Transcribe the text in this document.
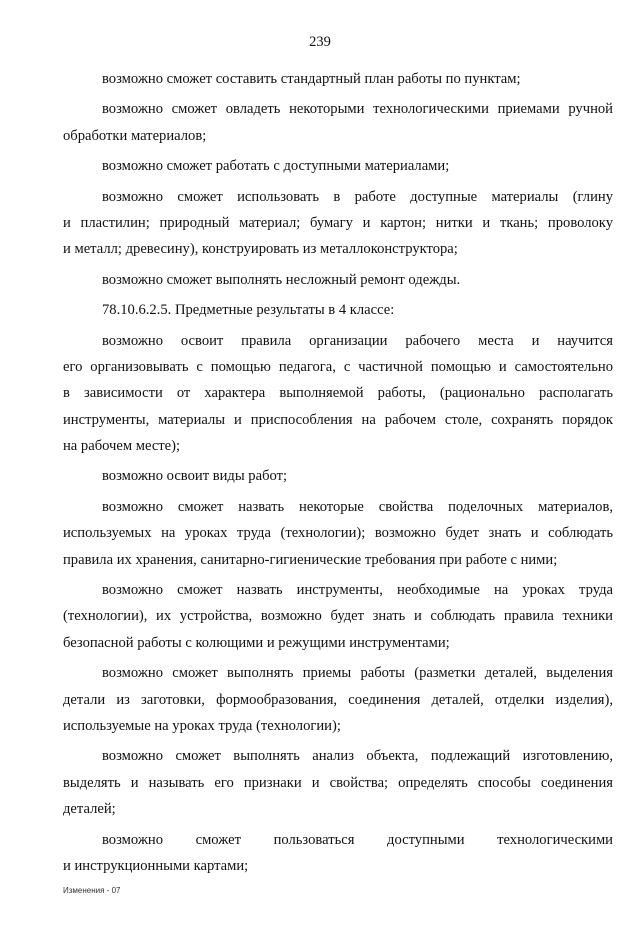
239
возможно сможет составить стандартный план работы по пунктам;
возможно сможет овладеть некоторыми технологическими приемами ручной
обработки материалов;
возможно сможет работать с доступными материалами;
возможно сможет использовать в работе доступные материалы (глину
и пластилин; природный материал; бумагу и картон; нитки и ткань; проволоку
и металл; древесину), конструировать из металлоконструктора;
возможно сможет выполнять несложный ремонт одежды.
78.10.6.2.5. Предметные результаты в 4 классе:
возможно освоит правила организации рабочего места и научится
его организовывать с помощью педагога, с частичной помощью и самостоятельно
в зависимости от характера выполняемой работы, (рационально располагать
инструменты, материалы и приспособления на рабочем столе, сохранять порядок
на рабочем месте);
возможно освоит виды работ;
возможно сможет назвать некоторые свойства поделочных материалов,
используемых на уроках труда (технологии); возможно будет знать и соблюдать
правила их хранения, санитарно-гигиенические требования при работе с ними;
возможно сможет назвать инструменты, необходимые на уроках труда
(технологии), их устройства, возможно будет знать и соблюдать правила техники
безопасной работы с колющими и режущими инструментами;
возможно сможет выполнять приемы работы (разметки деталей, выделения
детали из заготовки, формообразования, соединения деталей, отделки изделия),
используемые на уроках труда (технологии);
возможно сможет выполнять анализ объекта, подлежащий изготовлению,
выделять и называть его признаки и свойства; определять способы соединения
деталей;
возможно сможет пользоваться доступными технологическими
и инструкционными картами;
Изменения - 07
